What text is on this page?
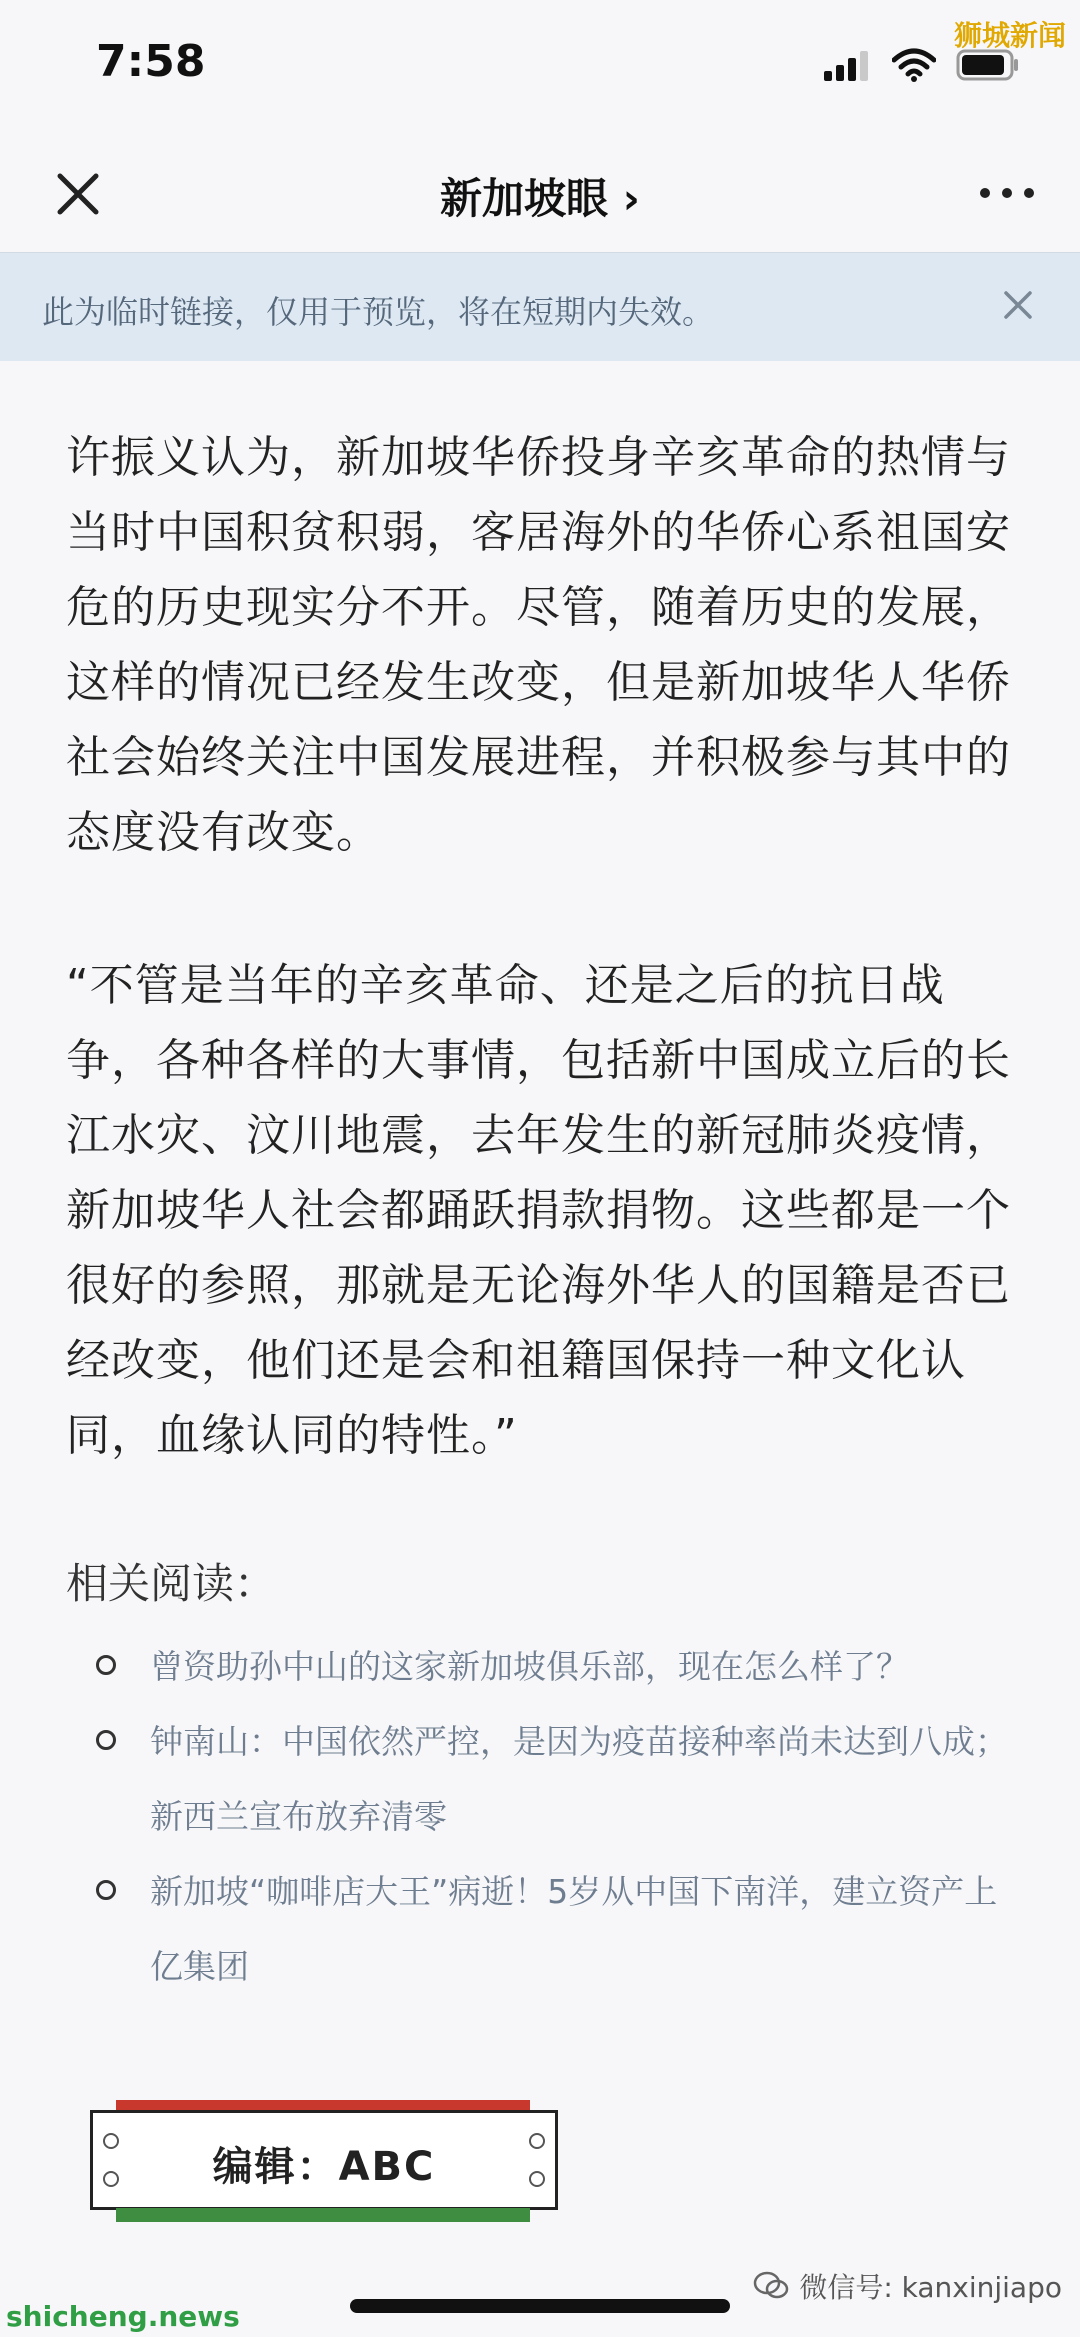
7:58
狮城新闻
新加坡眼 ›
此为临时链接，仅用于预览，将在短期内失效。

许振义认为，新加坡华侨投身辛亥革命的热情与当时中国积贫积弱，客居海外的华侨心系祖国安危的历史现实分不开。尽管，随着历史的发展，这样的情况已经发生改变，但是新加坡华人华侨社会始终关注中国发展进程，并积极参与其中的态度没有改变。

“不管是当年的辛亥革命、还是之后的抗日战争，各种各样的大事情，包括新中国成立后的长江水灾、汶川地震，去年发生的新冠肺炎疫情，新加坡华人社会都踊跃捐款捐物。这些都是一个很好的参照，那就是无论海外华人的国籍是否已经改变，他们还是会和祖籍国保持一种文化认同，血缘认同的特性。”

相关阅读：
曾资助孙中山的这家新加坡俱乐部，现在怎么样了？
钟南山：中国依然严控，是因为疫苗接种率尚未达到八成；新西兰宣布放弃清零
新加坡“咖啡店大王”病逝！5岁从中国下南洋，建立资产上亿集团
编辑：ABC
微信号: kanxinjiapo
shicheng.news
